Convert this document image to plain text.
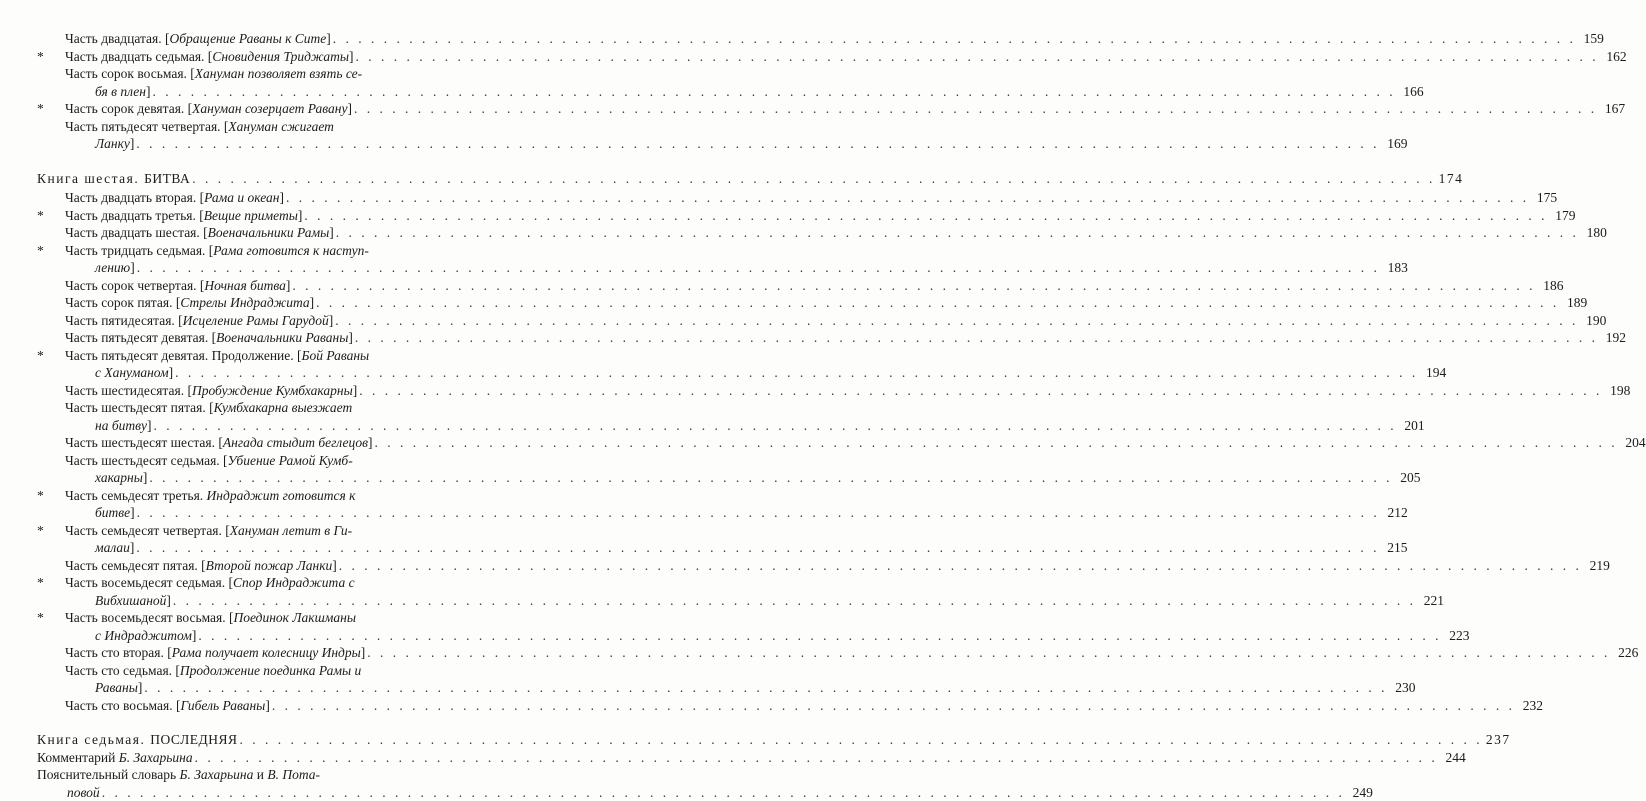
Часть двадцатая. [Обращение Раваны к Сите] . . .	159
* Часть двадцать седьмая. [Сновидения Триджаты] . . .	162
Часть сорок восьмая. [Хануман позволяет взять се-
бя в плен] . . .	166
* Часть сорок девятая. [Хануман созерцает Равану] . . .	167
Часть пятьдесят четвертая. [Хануман сжигает
Ланку] . . .	169
Книга шестая. БИТВА . . .	174
Часть двадцать вторая. [Рама и океан] . . .	175
* Часть двадцать третья. [Вещие приметы] . . .	179
Часть двадцать шестая. [Военачальники Рамы] . . .	180
* Часть тридцать седьмая. [Рама готовится к наступ-
лению] . . .	183
Часть сорок четвертая. [Ночная битва] . . .	186
Часть сорок пятая. [Стрелы Индраджита] . . .	189
Часть пятидесятая. [Исцеление Рамы Гарудой] . . .	190
Часть пятьдесят девятая. [Военачальники Раваны] . . .	192
* Часть пятьдесят девятая. Продолжение. [Бой Раваны
с Хануманом] . . .	194
Часть шестидесятая. [Пробуждение Кумбхакарны] . . .	198
Часть шестьдесят пятая. [Кумбхакарна выезжает
на битву] . . .	201
Часть шестьдесят шестая. [Ангада стыдит беглецов] . . .	204
Часть шестьдесят седьмая. [Убиение Рамой Кумб-
хакарны] . . .	205
* Часть семьдесят третья. Индраджит готовится к
битве] . . .	212
* Часть семьдесят четвертая. [Хануман летит в Ги-
малаи] . . .	215
Часть семьдесят пятая. [Второй пожар Ланки] . . .	219
* Часть восемьдесят седьмая. [Спор Индраджита с
Вибхишаной] . . .	221
* Часть восемьдесят восьмая. [Поединок Лакшманы
с Индраджитом] . . .	223
Часть сто вторая. [Рама получает колесницу Индры] . . .	226
Часть сто седьмая. [Продолжение поединка Рамы и
Раваны] . . .	230
Часть сто восьмая. [Гибель Раваны] . . .	232
Книга седьмая. ПОСЛЕДНЯЯ . . .	237
Комментарий Б. Захарьина . . .	244
Пояснительный словарь Б. Захарьина и В. Пота-
повой . . .	249
